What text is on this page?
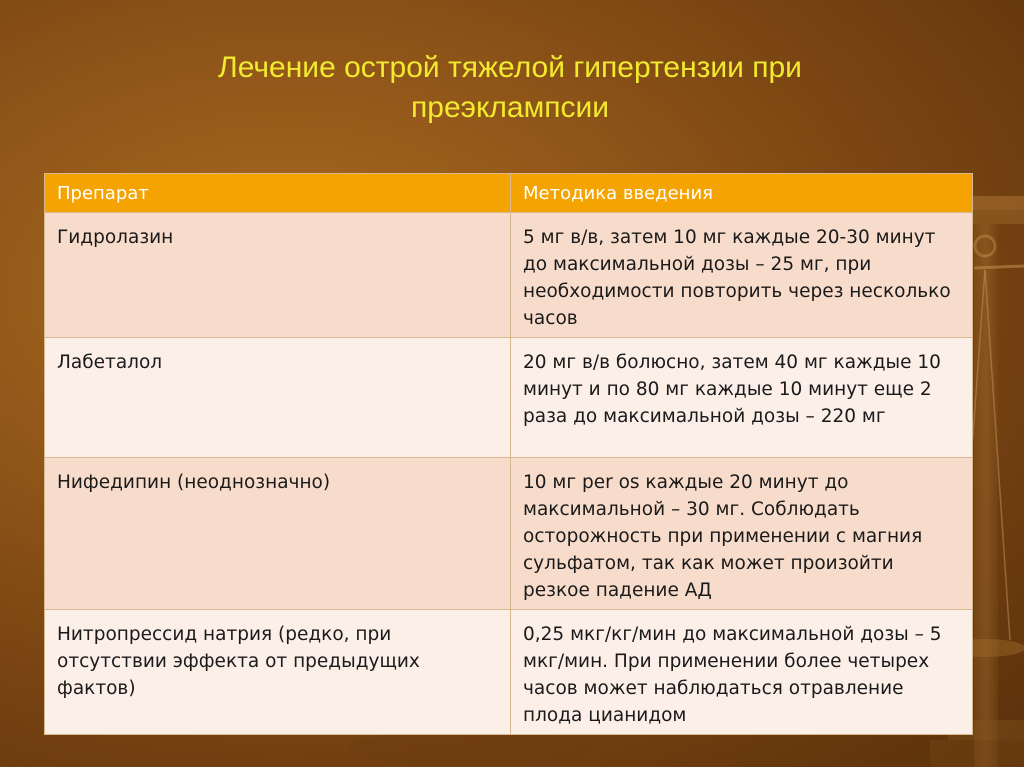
Лечение острой тяжелой гипертензии при
преэклампсии
Препарат	Методика введения
Гидролазин	5 мг в/в, затем 10 мг каждые 20-30 минут до максимальной дозы – 25 мг, при необходимости повторить через несколько часов
Лабеталол	20 мг в/в болюсно, затем 40 мг каждые 10 минут и по 80 мг каждые 10 минут еще 2 раза до максимальной дозы – 220 мг
Нифедипин (неоднозначно)	10 мг per os каждые 20 минут до максимальной – 30 мг. Соблюдать осторожность при применении с магния сульфатом, так как может произойти резкое падение АД
Нитропрессид натрия (редко, при отсутствии эффекта от предыдущих фактов)	0,25 мкг/кг/мин до максимальной дозы – 5 мкг/мин. При применении более четырех часов может наблюдаться отравление плода цианидом
